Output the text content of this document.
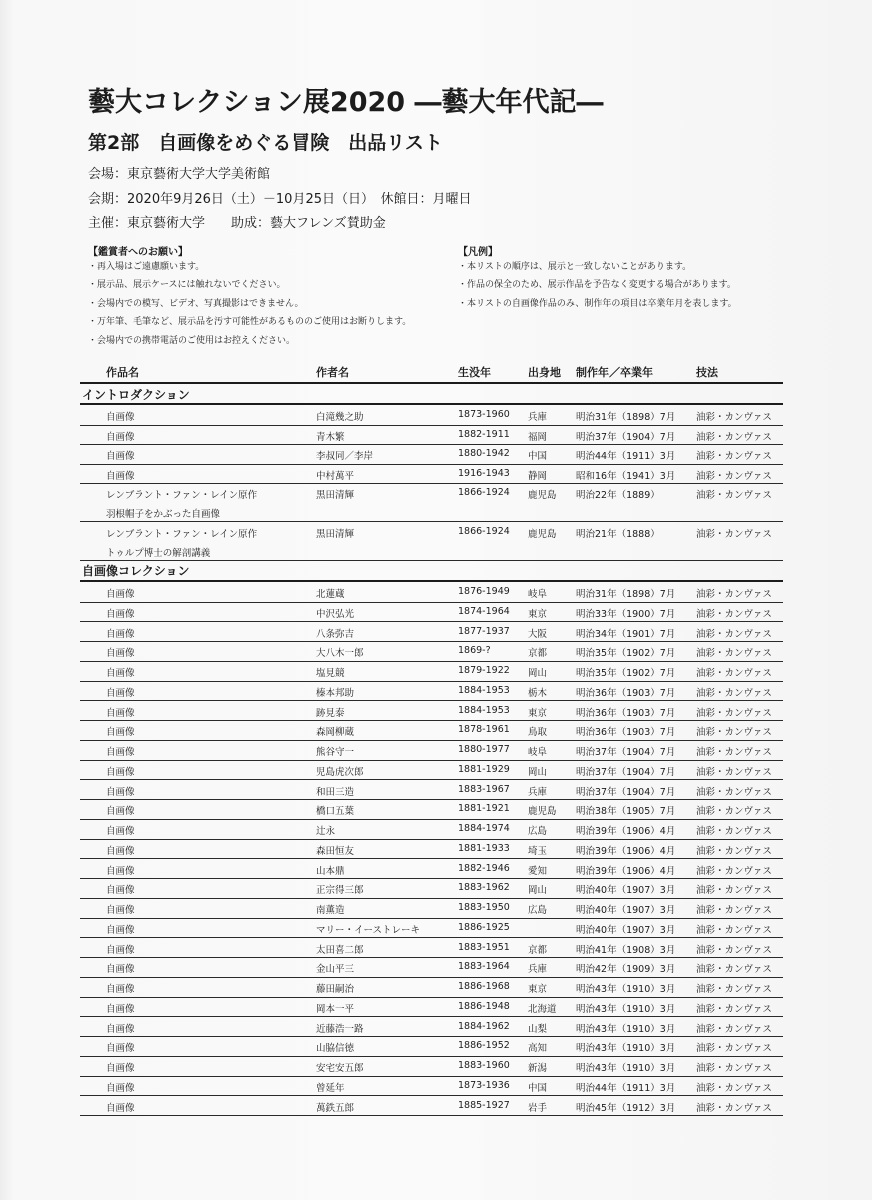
藝大コレクション展2020 ―藝大年代記―
第2部　自画像をめぐる冒険　出品リスト
会場：東京藝術大学大学美術館
会期：2020年9月26日（土）－10月25日（日）　休館日：月曜日
主催：東京藝術大学　　助成：藝大フレンズ賛助金
【鑑賞者へのお願い】
・再入場はご遠慮願います。
・展示品、展示ケースには触れないでください。
・会場内での模写、ビデオ、写真撮影はできません。
・万年筆、毛筆など、展示品を汚す可能性があるもののご使用はお断りします。
・会場内での携帯電話のご使用はお控えください。
【凡例】
・本リストの順序は、展示と一致しないことがあります。
・作品の保全のため、展示作品を予告なく変更する場合があります。
・本リストの自画像作品のみ、制作年の項目は卒業年月を表します。
作品名	作者名	生没年	出身地 制作年／卒業年	技法
イントロダクション
自画像	白滝幾之助	1873-1960 兵庫	明治31年（1898）7月 油彩・カンヴァス
自画像	青木繁	1882-1911 福岡	明治37年（1904）7月 油彩・カンヴァス
自画像	李叔同／李岸	1880-1942 中国	明治44年（1911）3月 油彩・カンヴァス
自画像	中村萬平	1916-1943 静岡	昭和16年（1941）3月 油彩・カンヴァス
レンブラント・ファン・レイン原作	黒田清輝	1866-1924 鹿児島 明治22年（1889）	油彩・カンヴァス
羽根帽子をかぶった自画像
レンブラント・ファン・レイン原作	黒田清輝	1866-1924 鹿児島 明治21年（1888）	油彩・カンヴァス
トゥルプ博士の解剖講義
自画像コレクション
自画像	北蓮蔵	1876-1949 岐阜	明治31年（1898）7月 油彩・カンヴァス
自画像	中沢弘光	1874-1964 東京	明治33年（1900）7月 油彩・カンヴァス
自画像	八条弥吉	1877-1937 大阪	明治34年（1901）7月 油彩・カンヴァス
自画像	大八木一郎	1869-?	京都	明治35年（1902）7月 油彩・カンヴァス
自画像	塩見競	1879-1922 岡山	明治35年（1902）7月 油彩・カンヴァス
自画像	榛本邦助	1884-1953 栃木	明治36年（1903）7月 油彩・カンヴァス
自画像	跡見泰	1884-1953 東京	明治36年（1903）7月 油彩・カンヴァス
自画像	森岡柳蔵	1878-1961 鳥取	明治36年（1903）7月 油彩・カンヴァス
自画像	熊谷守一	1880-1977 岐阜	明治37年（1904）7月 油彩・カンヴァス
自画像	児島虎次郎	1881-1929 岡山	明治37年（1904）7月 油彩・カンヴァス
自画像	和田三造	1883-1967 兵庫	明治37年（1904）7月 油彩・カンヴァス
自画像	橋口五葉	1881-1921 鹿児島 明治38年（1905）7月 油彩・カンヴァス
自画像	辻永	1884-1974 広島	明治39年（1906）4月 油彩・カンヴァス
自画像	森田恒友	1881-1933 埼玉	明治39年（1906）4月 油彩・カンヴァス
自画像	山本鼎	1882-1946 愛知	明治39年（1906）4月 油彩・カンヴァス
自画像	正宗得三郎	1883-1962 岡山	明治40年（1907）3月 油彩・カンヴァス
自画像	南薫造	1883-1950 広島	明治40年（1907）3月 油彩・カンヴァス
自画像	マリー・イーストレーキ	1886-1925	明治40年（1907）3月 油彩・カンヴァス
自画像	太田喜二郎	1883-1951 京都	明治41年（1908）3月 油彩・カンヴァス
自画像	金山平三	1883-1964 兵庫	明治42年（1909）3月 油彩・カンヴァス
自画像	藤田嗣治	1886-1968 東京	明治43年（1910）3月 油彩・カンヴァス
自画像	岡本一平	1886-1948 北海道 明治43年（1910）3月 油彩・カンヴァス
自画像	近藤浩一路	1884-1962 山梨	明治43年（1910）3月 油彩・カンヴァス
自画像	山脇信徳	1886-1952 高知	明治43年（1910）3月 油彩・カンヴァス
自画像	安宅安五郎	1883-1960 新潟	明治43年（1910）3月 油彩・カンヴァス
自画像	曾延年	1873-1936 中国	明治44年（1911）3月 油彩・カンヴァス
自画像	萬鉄五郎	1885-1927 岩手	明治45年（1912）3月 油彩・カンヴァス
